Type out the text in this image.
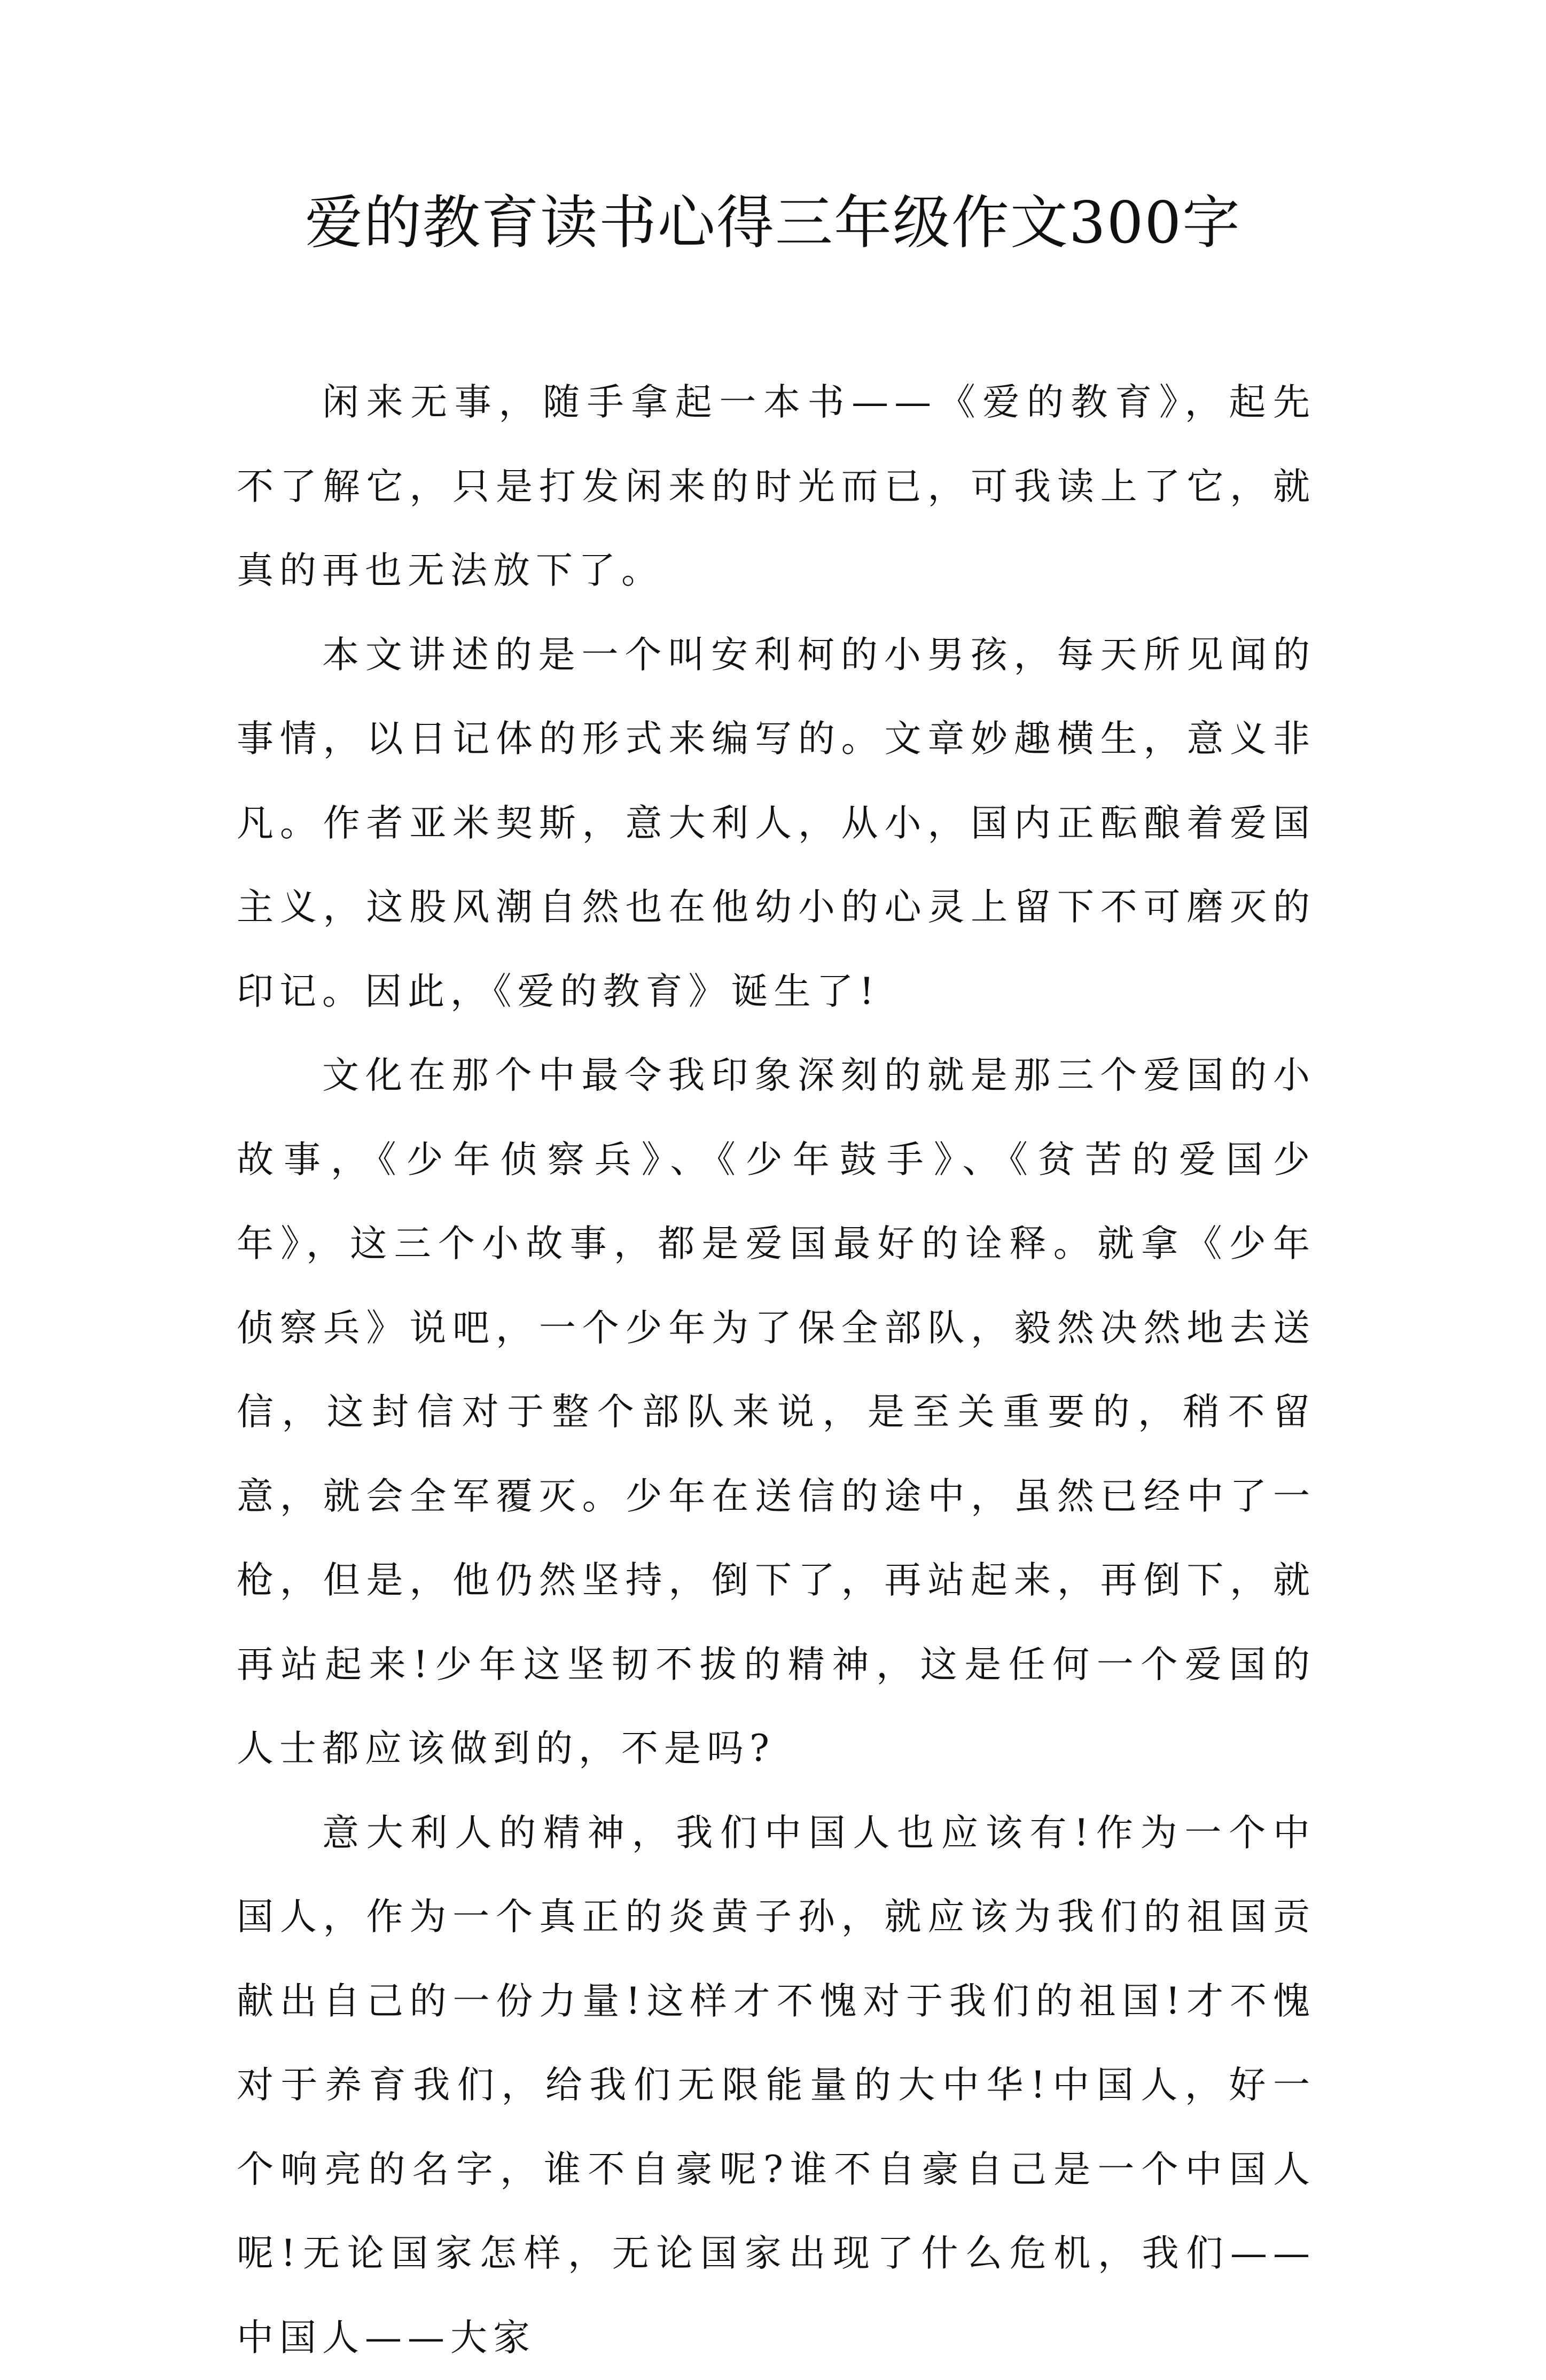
爱的教育读书心得三年级作文300字

闲来无事，随手拿起一本书——《爱的教育》，起先不了解它，只是打发闲来的时光而已，可我读上了它，就真的再也无法放下了。

本文讲述的是一个叫安利柯的小男孩，每天所见闻的事情，以日记体的形式来编写的。文章妙趣横生，意义非凡。作者亚米契斯，意大利人，从小，国内正酝酿着爱国主义，这股风潮自然也在他幼小的心灵上留下不可磨灭的印记。因此，《爱的教育》诞生了!

文化在那个中最令我印象深刻的就是那三个爱国的小故事，《少年侦察兵》、《少年鼓手》、《贫苦的爱国少年》，这三个小故事，都是爱国最好的诠释。就拿《少年侦察兵》说吧，一个少年为了保全部队，毅然决然地去送信，这封信对于整个部队来说，是至关重要的，稍不留意，就会全军覆灭。少年在送信的途中，虽然已经中了一枪，但是，他仍然坚持，倒下了，再站起来，再倒下，就再站起来!少年这坚韧不拔的精神，这是任何一个爱国的人士都应该做到的，不是吗?

意大利人的精神，我们中国人也应该有!作为一个中国人，作为一个真正的炎黄子孙，就应该为我们的祖国贡献出自己的一份力量!这样才不愧对于我们的祖国!才不愧对于养育我们，给我们无限能量的大中华!中国人，好一个响亮的名字，谁不自豪呢?谁不自豪自己是一个中国人呢!无论国家怎样，无论国家出现了什么危机，我们——中国人——大家
